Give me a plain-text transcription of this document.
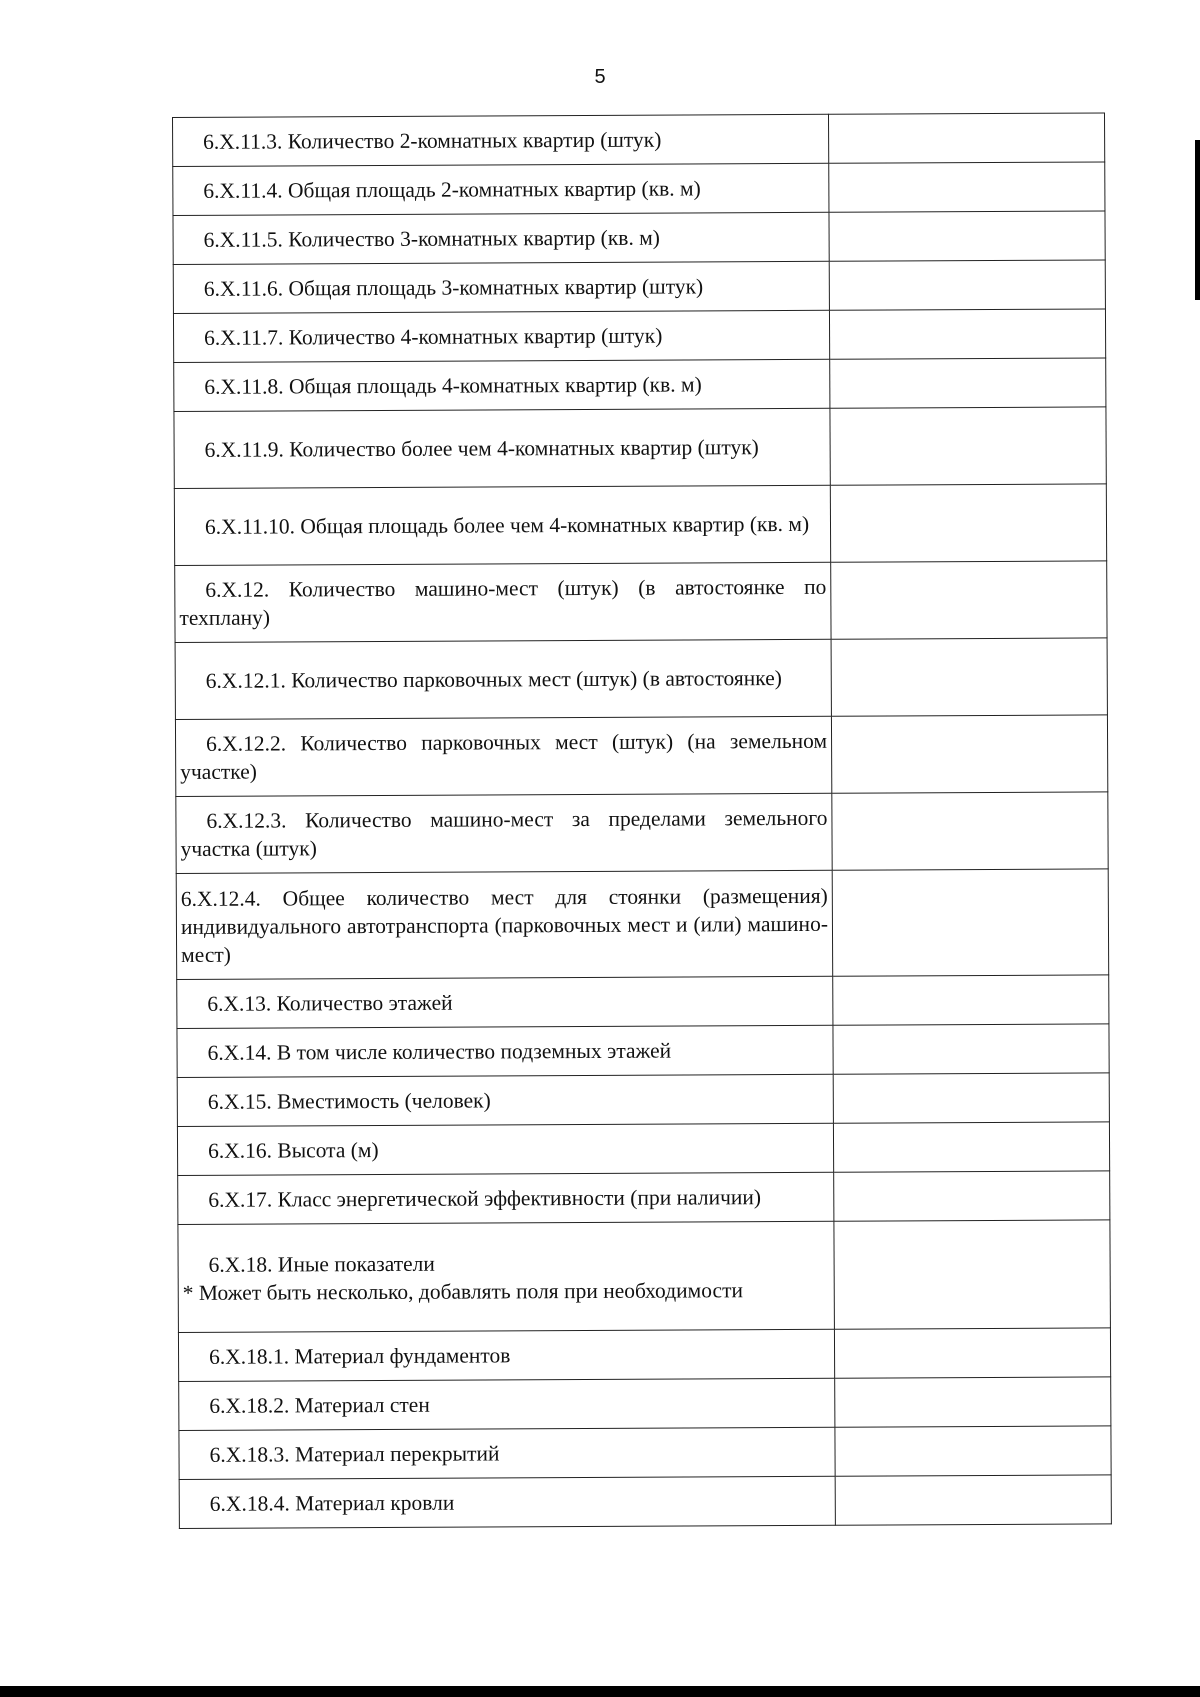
5
6.Х.11.3. Количество 2-комнатных квартир (штук)	
6.Х.11.4. Общая площадь 2-комнатных квартир (кв. м)	
6.Х.11.5. Количество 3-комнатных квартир (кв. м)	
6.Х.11.6. Общая площадь 3-комнатных квартир (штук)	
6.Х.11.7. Количество 4-комнатных квартир (штук)	
6.Х.11.8. Общая площадь 4-комнатных квартир (кв. м)	
6.Х.11.9. Количество более чем 4-комнатных квартир (штук)	
6.Х.11.10. Общая площадь более чем 4-комнатных квартир (кв. м)	
6.Х.12. Количество машино-мест (штук) (в автостоянке по техплану)	
6.Х.12.1. Количество парковочных мест (штук) (в автостоянке)	
6.Х.12.2. Количество парковочных мест (штук) (на земельном участке)	
6.Х.12.3. Количество машино-мест за пределами земельного участка (штук)	
6.Х.12.4. Общее количество мест для стоянки (размещения) индивидуального автотранспорта (парковочных мест и (или) машино-мест)	
6.Х.13. Количество этажей	
6.Х.14. В том числе количество подземных этажей	
6.Х.15. Вместимость (человек)	
6.Х.16. Высота (м)	
6.Х.17. Класс энергетической эффективности (при наличии)	

6.Х.18. Иные показатели
* Может быть несколько, добавлять поля при необходимости	

6.Х.18.1. Материал фундаментов	
6.Х.18.2. Материал стен	
6.Х.18.3. Материал перекрытий	
6.Х.18.4. Материал кровли	
